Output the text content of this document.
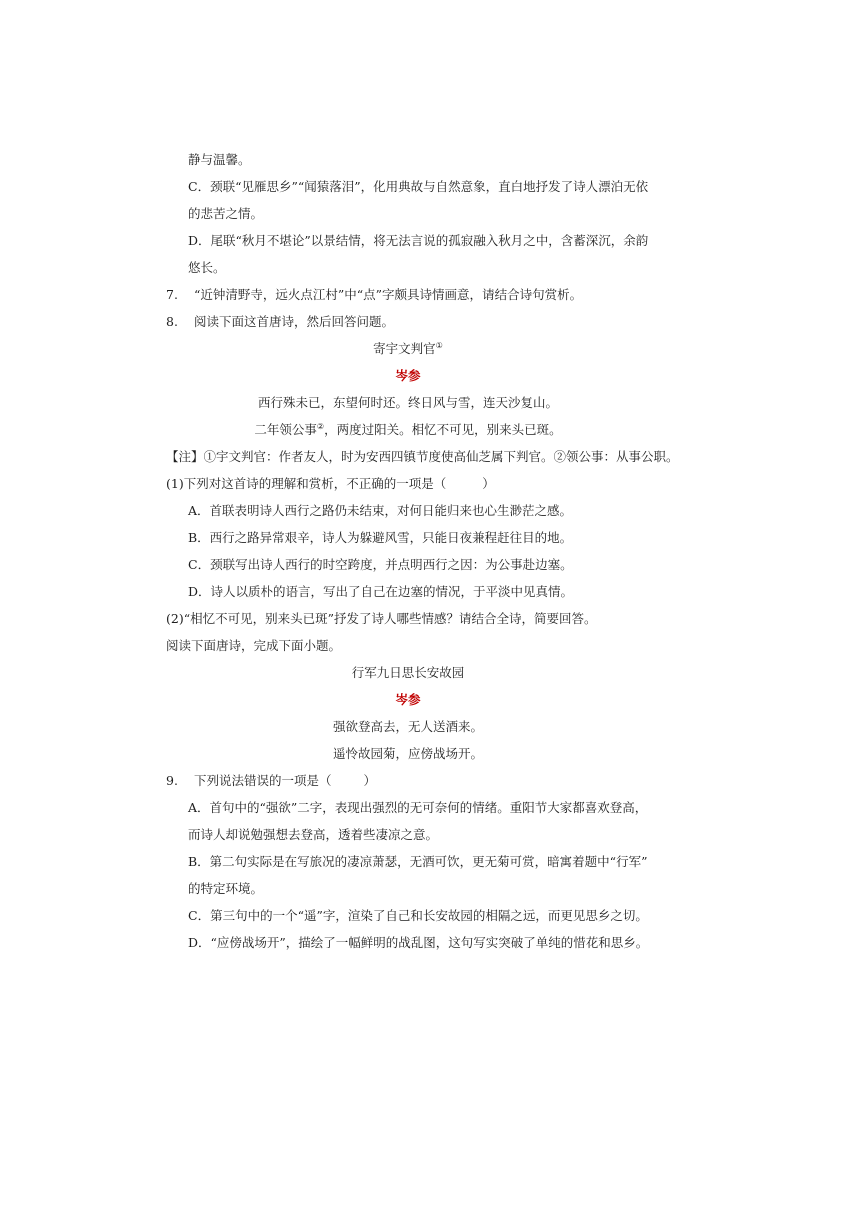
静与温馨。
C．颈联“见雁思乡”“闻猿落泪”，化用典故与自然意象，直白地抒发了诗人漂泊无依
的悲苦之情。
D．尾联“秋月不堪论”以景结情，将无法言说的孤寂融入秋月之中，含蓄深沉，余韵
悠长。
7. “近钟清野寺，远火点江村”中“点”字颇具诗情画意，请结合诗句赏析。
8. 阅读下面这首唐诗，然后回答问题。
寄宇文判官①
岑参
西行殊未已，东望何时还。终日风与雪，连天沙复山。
二年领公事②，两度过阳关。相忆不可见，别来头已斑。
【注】①宇文判官：作者友人，时为安西四镇节度使高仙芝属下判官。②领公事：从事公职。
(1)下列对这首诗的理解和赏析，不正确的一项是（	）
A．首联表明诗人西行之路仍未结束，对何日能归来也心生渺茫之感。
B．西行之路异常艰辛，诗人为躲避风雪，只能日夜兼程赶往目的地。
C．颈联写出诗人西行的时空跨度，并点明西行之因：为公事赴边塞。
D．诗人以质朴的语言，写出了自己在边塞的情况，于平淡中见真情。
(2)“相忆不可见，别来头已斑”抒发了诗人哪些情感？请结合全诗，简要回答。
阅读下面唐诗，完成下面小题。
行军九日思长安故园
岑参
强欲登高去，无人送酒来。
遥怜故园菊，应傍战场开。
9. 下列说法错误的一项是（	）
A．首句中的“强欲”二字，表现出强烈的无可奈何的情绪。重阳节大家都喜欢登高，
而诗人却说勉强想去登高，透着些凄凉之意。
B．第二句实际是在写旅况的凄凉萧瑟，无酒可饮，更无菊可赏，暗寓着题中“行军”
的特定环境。
C．第三句中的一个“遥”字，渲染了自己和长安故园的相隔之远，而更见思乡之切。
D．“应傍战场开”，描绘了一幅鲜明的战乱图，这句写实突破了单纯的惜花和思乡。
